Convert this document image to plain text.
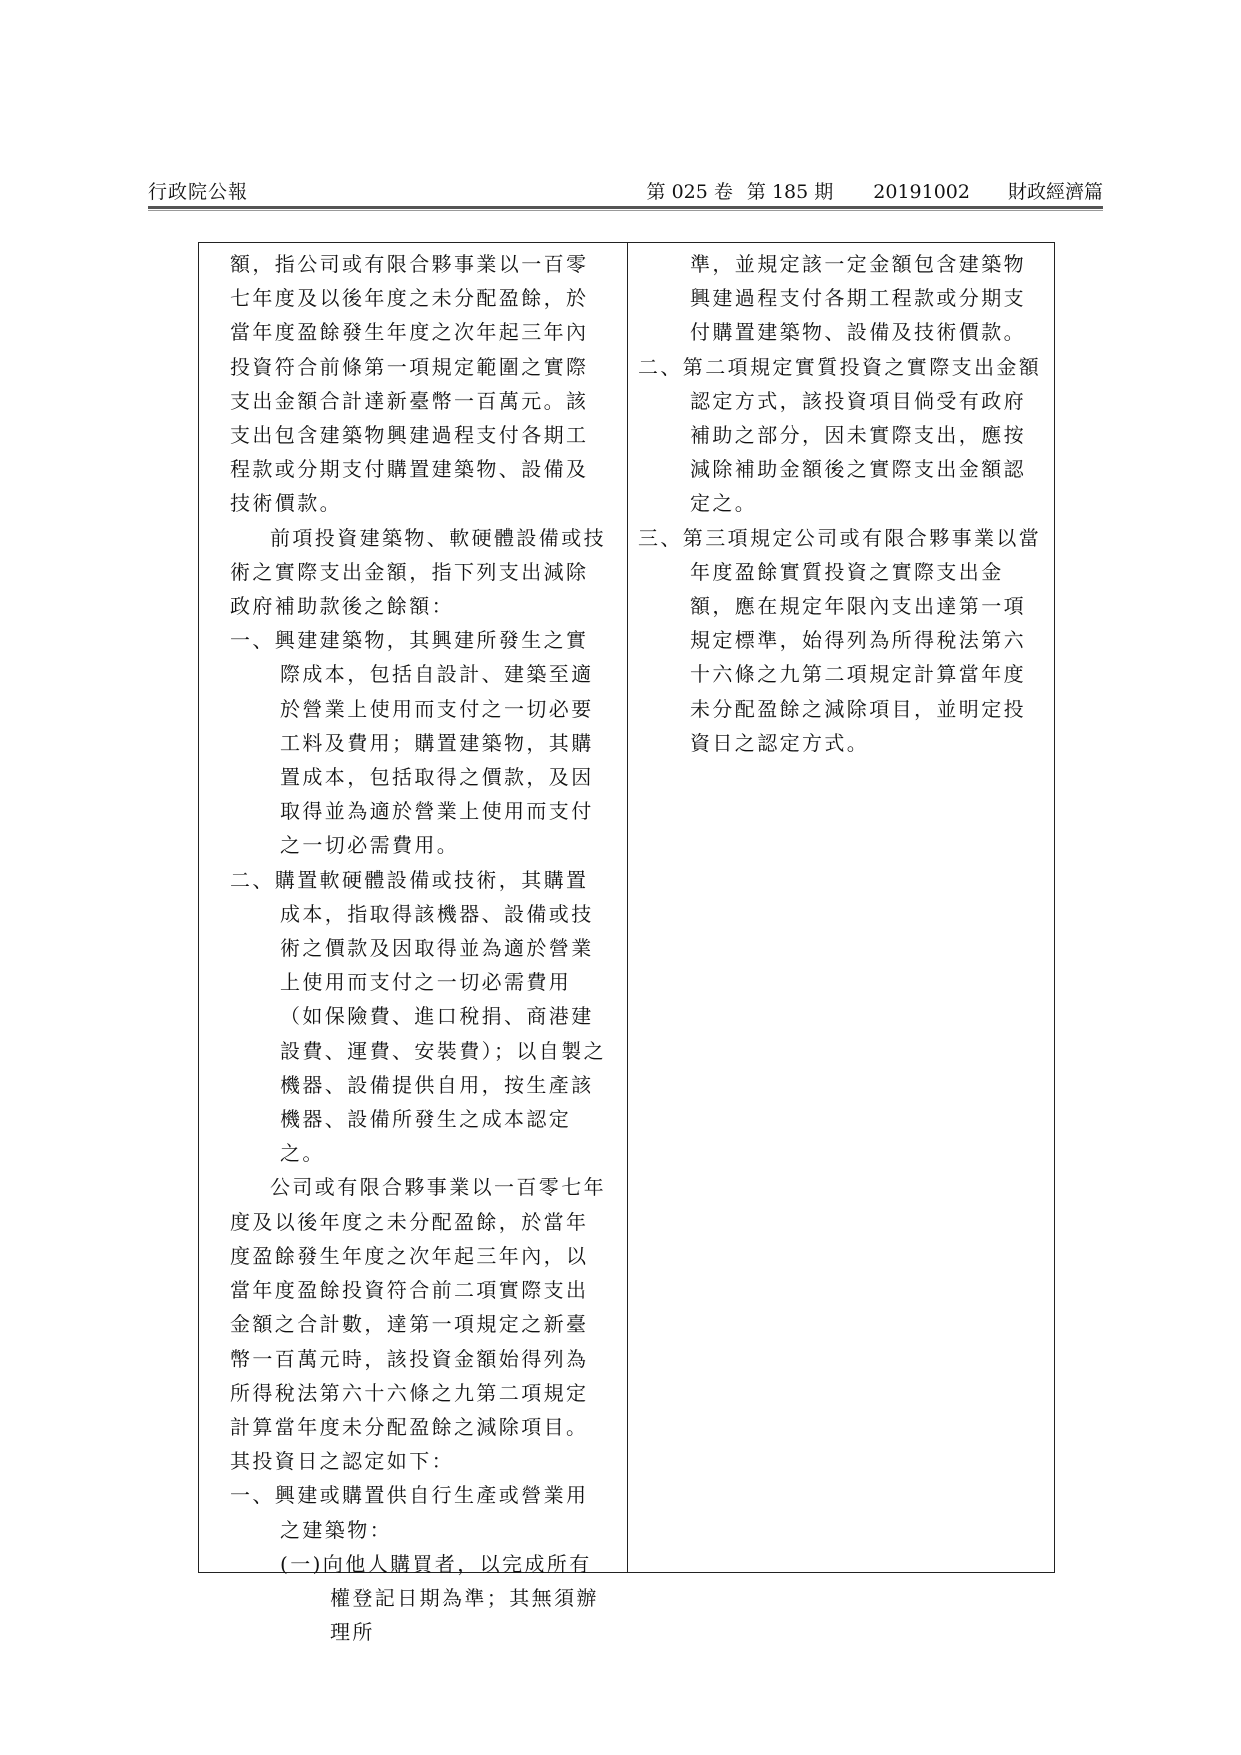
行政院公報	第 025 卷 第 185 期 20191002 財政經濟篇

額，指公司或有限合夥事業以一百零七年度及以後年度之未分配盈餘，於當年度盈餘發生年度之次年起三年內投資符合前條第一項規定範圍之實際支出金額合計達新臺幣一百萬元。該支出包含建築物興建過程支付各期工程款或分期支付購置建築物、設備及技術價款。

前項投資建築物、軟硬體設備或技術之實際支出金額，指下列支出減除政府補助款後之餘額：

一、興建建築物，其興建所發生之實際成本，包括自設計、建築至適於營業上使用而支付之一切必要工料及費用；購置建築物，其購置成本，包括取得之價款，及因取得並為適於營業上使用而支付之一切必需費用。

二、購置軟硬體設備或技術，其購置成本，指取得該機器、設備或技術之價款及因取得並為適於營業上使用而支付之一切必需費用（如保險費、進口稅捐、商港建設費、運費、安裝費）；以自製之機器、設備提供自用，按生產該機器、設備所發生之成本認定之。

公司或有限合夥事業以一百零七年度及以後年度之未分配盈餘，於當年度盈餘發生年度之次年起三年內，以當年度盈餘投資符合前二項實際支出金額之合計數，達第一項規定之新臺幣一百萬元時，該投資金額始得列為所得稅法第六十六條之九第二項規定計算當年度未分配盈餘之減除項目。其投資日之認定如下：

一、興建或購置供自行生產或營業用之建築物：

(一)向他人購買者，以完成所有權登記日期為準；其無須辦理所

準，並規定該一定金額包含建築物興建過程支付各期工程款或分期支付購置建築物、設備及技術價款。

二、第二項規定實質投資之實際支出金額認定方式，該投資項目倘受有政府補助之部分，因未實際支出，應按減除補助金額後之實際支出金額認定之。

三、第三項規定公司或有限合夥事業以當年度盈餘實質投資之實際支出金額，應在規定年限內支出達第一項規定標準，始得列為所得稅法第六十六條之九第二項規定計算當年度未分配盈餘之減除項目，並明定投資日之認定方式。
